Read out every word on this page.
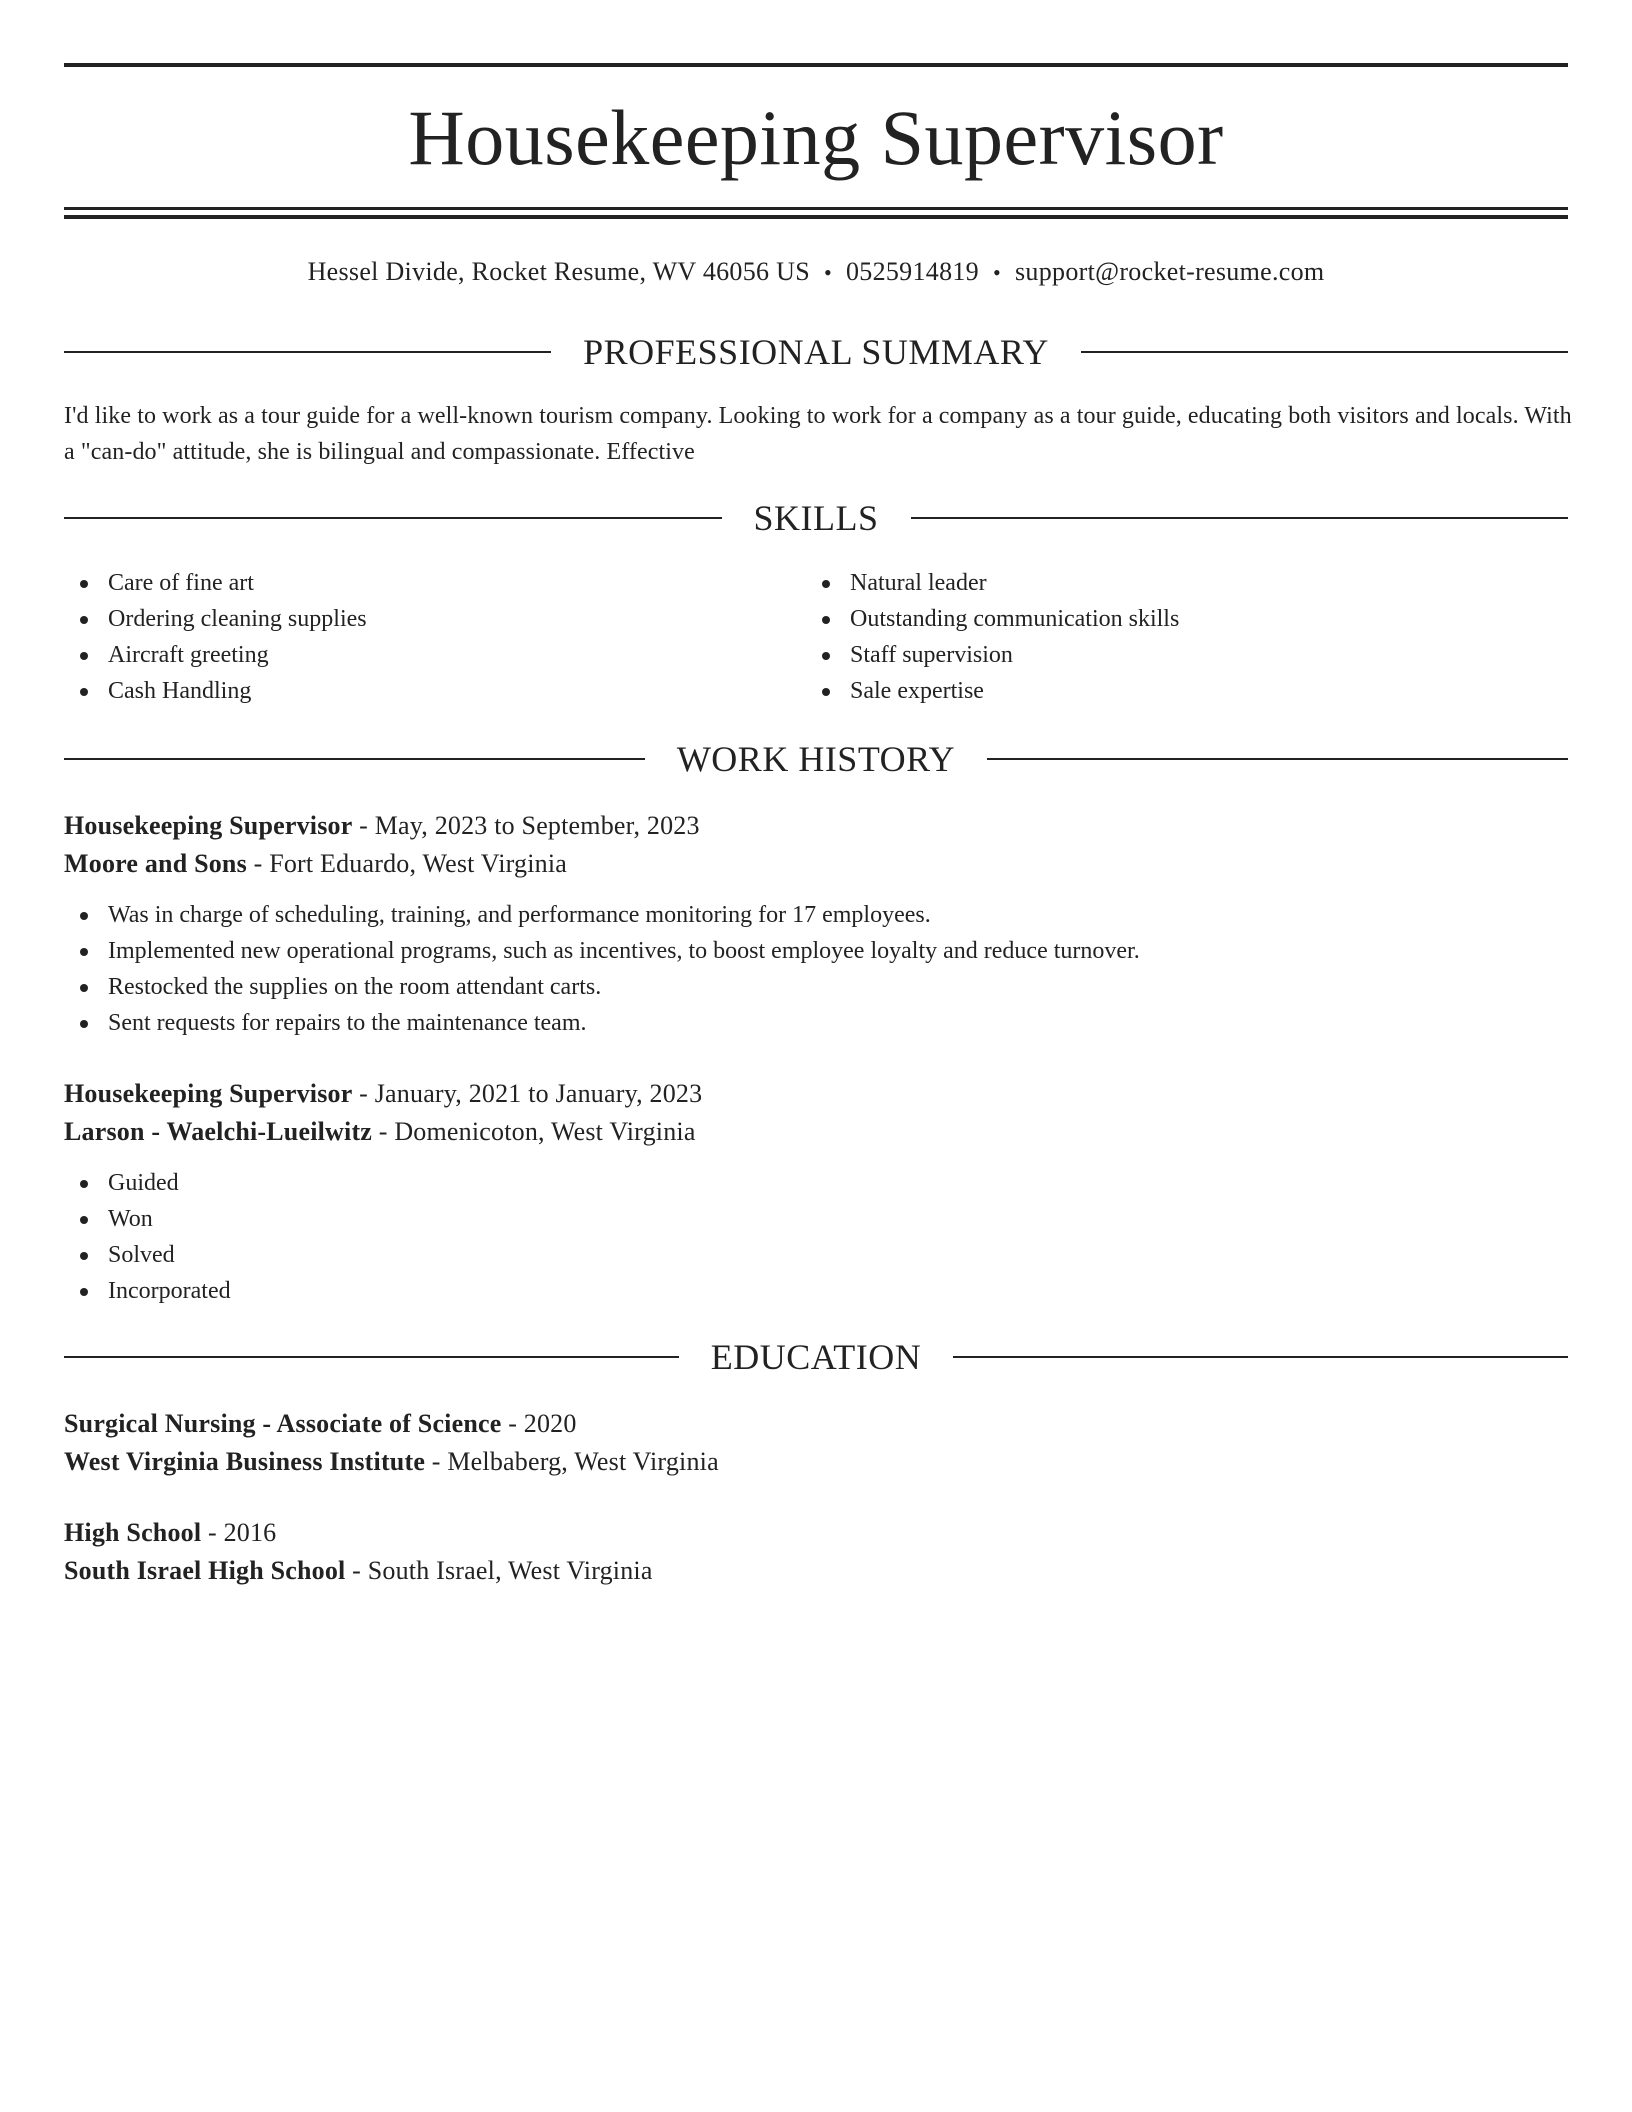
Housekeeping Supervisor
Hessel Divide, Rocket Resume, WV 46056 US • 0525914819 • support@rocket-resume.com
PROFESSIONAL SUMMARY

I'd like to work as a tour guide for a well-known tourism company. Looking to work for a company as a tour guide, educating both visitors and locals. With a "can-do" attitude, she is bilingual and compassionate. Effective

SKILLS
Care of fine art
Ordering cleaning supplies
Aircraft greeting
Cash Handling
Natural leader
Outstanding communication skills
Staff supervision
Sale expertise
WORK HISTORY
Housekeeping Supervisor - May, 2023 to September, 2023
Moore and Sons - Fort Eduardo, West Virginia
Was in charge of scheduling, training, and performance monitoring for 17 employees.
Implemented new operational programs, such as incentives, to boost employee loyalty and reduce turnover.
Restocked the supplies on the room attendant carts.
Sent requests for repairs to the maintenance team.
Housekeeping Supervisor - January, 2021 to January, 2023
Larson - Waelchi-Lueilwitz - Domenicoton, West Virginia
Guided
Won
Solved
Incorporated
EDUCATION
Surgical Nursing - Associate of Science - 2020
West Virginia Business Institute - Melbaberg, West Virginia
High School - 2016
South Israel High School - South Israel, West Virginia
